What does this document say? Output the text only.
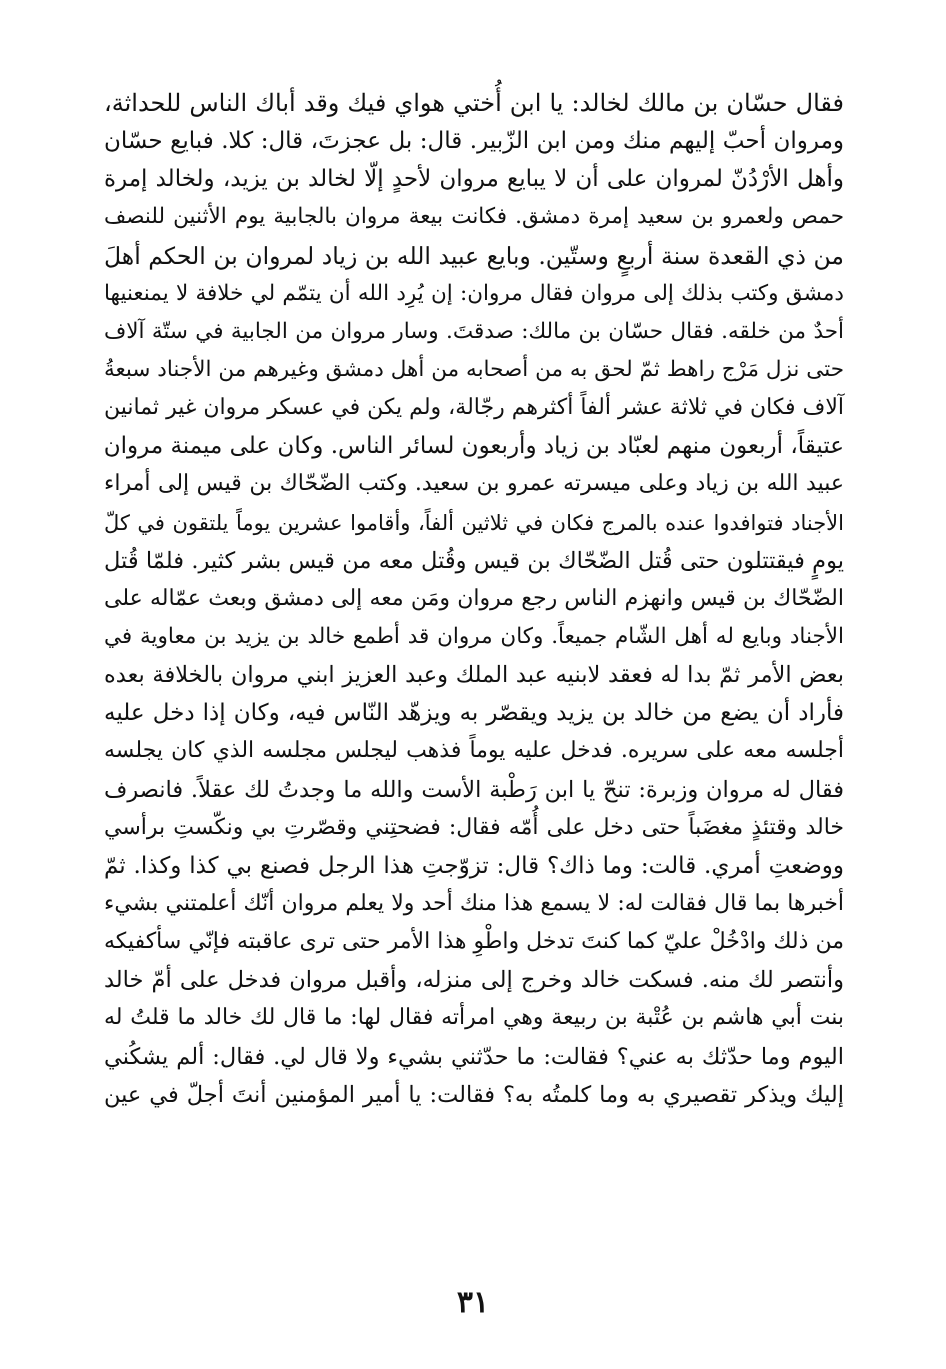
فقال حسّان بن مالك لخالد: يا ابن أُختي هواي فيك وقد أباك الناس للحداثة،
ومروان أحبّ إليهم منك ومن ابن الزّبير. قال: بل عجزتَ، قال: كلا. فبايع حسّان
وأهل الأرْدُنّ لمروان على أن لا يبايع مروان لأحدٍ إلّا لخالد بن يزيد، ولخالد إمرة
حمص ولعمرو بن سعيد إمرة دمشق. فكانت بيعة مروان بالجابية يوم الأثنين للنصف
من ذي القعدة سنة أربعٍ وستّين. وبايع عبيد الله بن زياد لمروان بن الحكم أهلَ
دمشق وكتب بذلك إلى مروان فقال مروان: إن يُرِد الله أن يتمّم لي خلافة لا يمنعنيها
أحدٌ من خلقه. فقال حسّان بن مالك: صدقتَ. وسار مروان من الجابية في ستّة آلاف
حتى نزل مَرْج راهط ثمّ لحق به من أصحابه من أهل دمشق وغيرهم من الأجناد سبعةُ
آلاف فكان في ثلاثة عشر ألفاً أكثرهم رجّالة، ولم يكن في عسكر مروان غير ثمانين
عتيقاً، أربعون منهم لعبّاد بن زياد وأربعون لسائر الناس. وكان على ميمنة مروان
عبيد الله بن زياد وعلى ميسرته عمرو بن سعيد. وكتب الضّحّاك بن قيس إلى أمراء
الأجناد فتوافدوا عنده بالمرج فكان في ثلاثين ألفاً، وأقاموا عشرين يوماً يلتقون في كلّ
يومٍ فيقتتلون حتى قُتل الضّحّاك بن قيس وقُتل معه من قيس بشر كثير. فلمّا قُتل
الضّحّاك بن قيس وانهزم الناس رجع مروان ومَن معه إلى دمشق وبعث عمّاله على
الأجناد وبايع له أهل الشّام جميعاً. وكان مروان قد أطمع خالد بن يزيد بن معاوية في
بعض الأمر ثمّ بدا له فعقد لابنيه عبد الملك وعبد العزيز ابني مروان بالخلافة بعده
فأراد أن يضع من خالد بن يزيد ويقصّر به ويزهّد النّاس فيه، وكان إذا دخل عليه
أجلسه معه على سريره. فدخل عليه يوماً فذهب ليجلس مجلسه الذي كان يجلسه
فقال له مروان وزبرة: تنحّ يا ابن رَطْبة الأست والله ما وجدتُ لك عقلاً. فانصرف
خالد وقتئذٍ مغضَباً حتى دخل على أُمّه فقال: فضحتِني وقصّرتِ بي ونكّستِ برأسي
ووضعتِ أمري. قالت: وما ذاك؟ قال: تزوّجتِ هذا الرجل فصنع بي كذا وكذا. ثمّ
أخبرها بما قال فقالت له: لا يسمع هذا منك أحد ولا يعلم مروان أنّك أعلمتني بشيء
من ذلك وادْخُلْ عليّ كما كنتَ تدخل واطْوِ هذا الأمر حتى ترى عاقبته فإنّي سأكفيكه
وأنتصر لك منه. فسكت خالد وخرج إلى منزله، وأقبل مروان فدخل على أمّ خالد
بنت أبي هاشم بن عُتْبة بن ربيعة وهي امرأته فقال لها: ما قال لك خالد ما قلتُ له
اليوم وما حدّثك به عني؟ فقالت: ما حدّثني بشيء ولا قال لي. فقال: ألم يشكُني
إليك ويذكر تقصيري به وما كلمتُه به؟ فقالت: يا أمير المؤمنين أنتَ أجلّ في عين
٣١
